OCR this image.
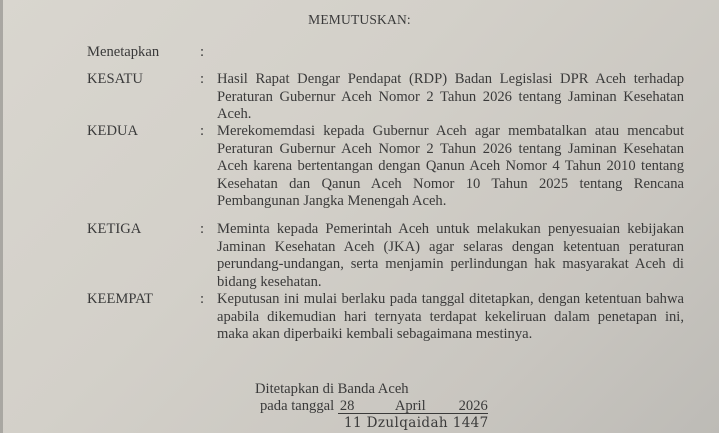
MEMUTUSKAN:
Menetapkan	:
KESATU	: Hasil Rapat Dengar Pendapat (RDP) Badan Legislasi DPR Aceh terhadap Peraturan Gubernur Aceh Nomor 2 Tahun 2026 tentang Jaminan Kesehatan Aceh.
KEDUA	: Merekomemdasi kepada Gubernur Aceh agar membatalkan atau mencabut Peraturan Gubernur Aceh Nomor 2 Tahun 2026 tentang Jaminan Kesehatan Aceh karena bertentangan dengan Qanun Aceh Nomor 4 Tahun 2010 tentang Kesehatan dan Qanun Aceh Nomor 10 Tahun 2025 tentang Rencana Pembangunan Jangka Menengah Aceh.
KETIGA	: Meminta kepada Pemerintah Aceh untuk melakukan penyesuaian kebijakan Jaminan Kesehatan Aceh (JKA) agar selaras dengan ketentuan peraturan perundang-undangan, serta menjamin perlindungan hak masyarakat Aceh di bidang kesehatan.
KEEMPAT	: Keputusan ini mulai berlaku pada tanggal ditetapkan, dengan ketentuan bahwa apabila dikemudian hari ternyata terdapat kekeliruan dalam penetapan ini, maka akan diperbaiki kembali sebagaimana mestinya.
Ditetapkan di Banda Aceh
pada tanggal 28	April 2026
11 Dzulqaidah 1447
